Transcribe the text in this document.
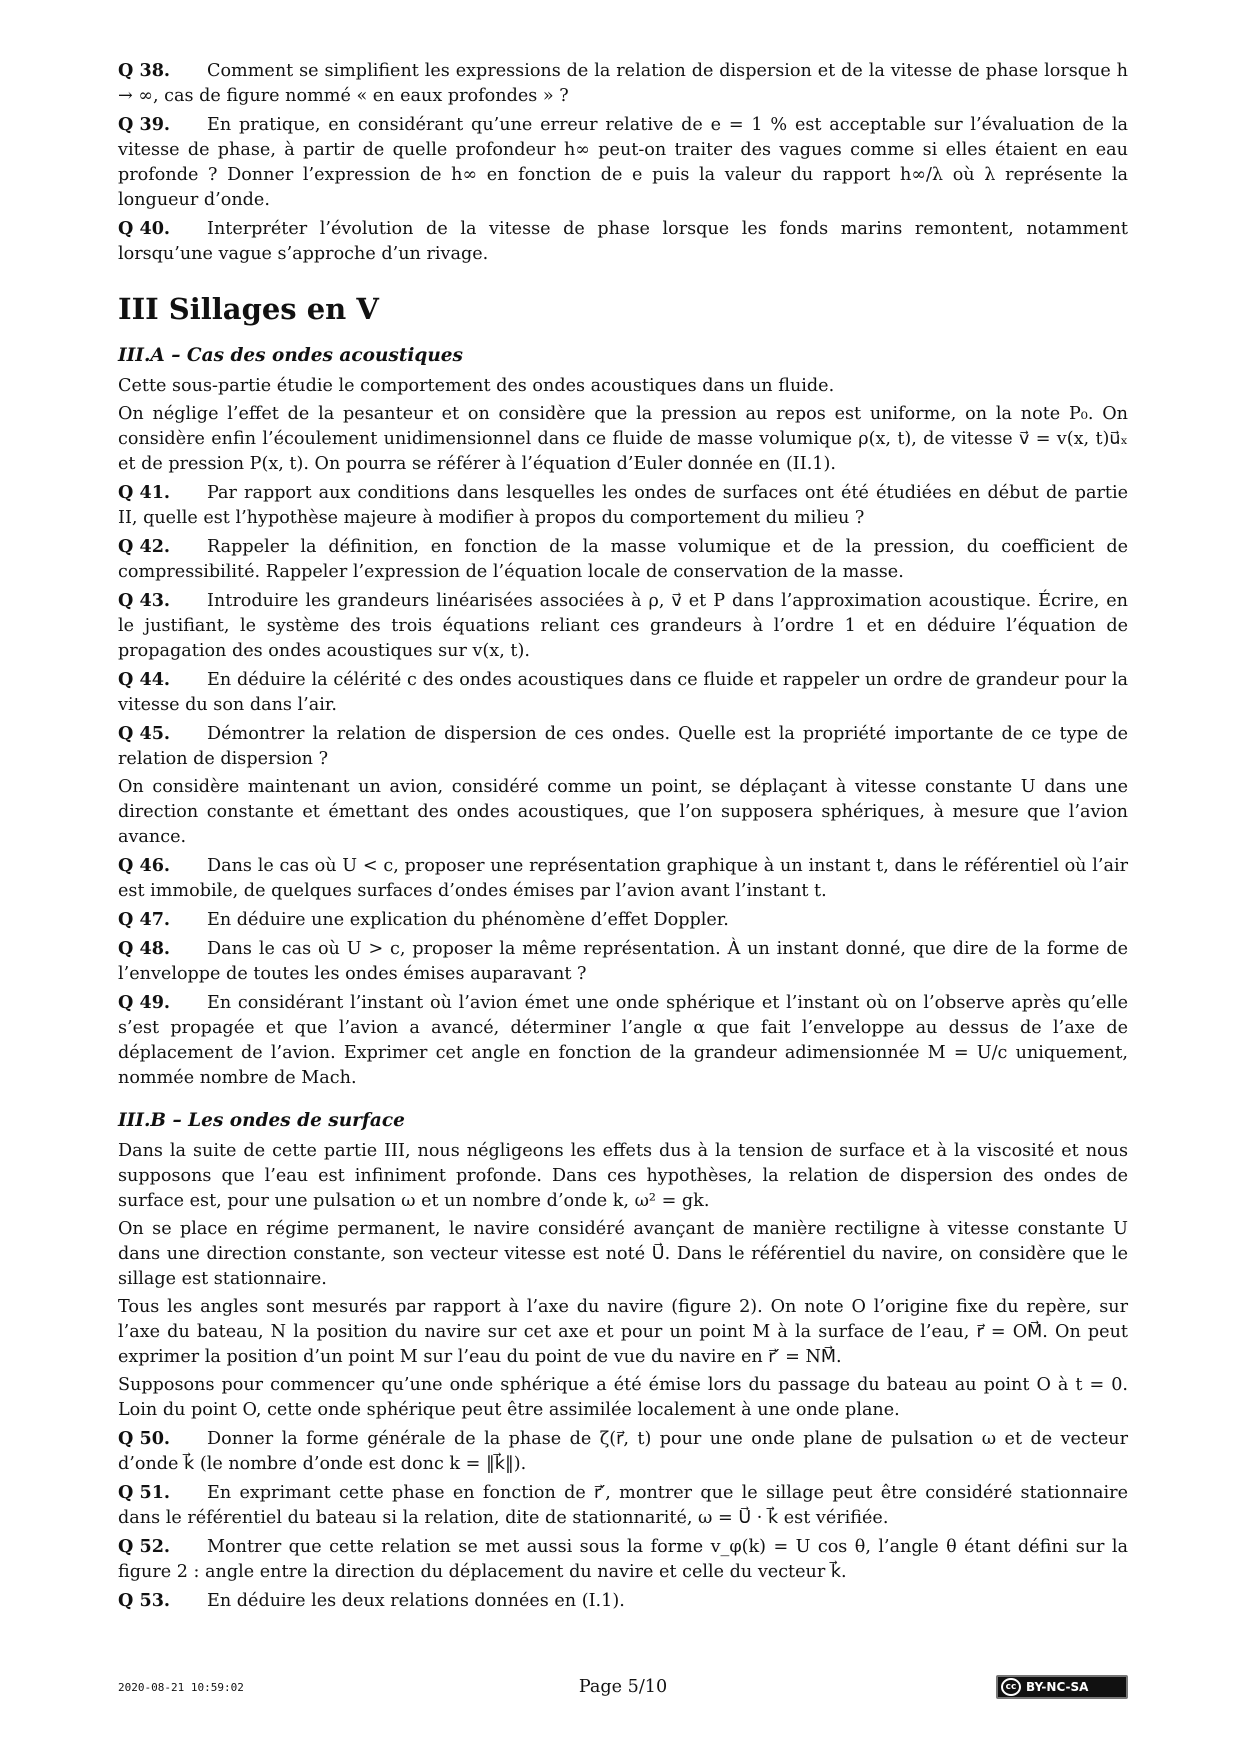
Q 38. Comment se simplifient les expressions de la relation de dispersion et de la vitesse de phase lorsque h → ∞, cas de figure nommé « en eaux profondes » ?

Q 39. En pratique, en considérant qu’une erreur relative de e = 1 % est acceptable sur l’évaluation de la vitesse de phase, à partir de quelle profondeur h∞ peut-on traiter des vagues comme si elles étaient en eau profonde ? Donner l’expression de h∞ en fonction de e puis la valeur du rapport h∞/λ où λ représente la longueur d’onde.

Q 40. Interpréter l’évolution de la vitesse de phase lorsque les fonds marins remontent, notamment lorsqu’une vague s’approche d’un rivage.

III Sillages en V
III.A – Cas des ondes acoustiques

Cette sous-partie étudie le comportement des ondes acoustiques dans un fluide.

On néglige l’effet de la pesanteur et on considère que la pression au repos est uniforme, on la note P₀. On considère enfin l’écoulement unidimensionnel dans ce fluide de masse volumique ρ(x, t), de vitesse v⃗ = v(x, t)u⃗ₓ et de pression P(x, t). On pourra se référer à l’équation d’Euler donnée en (II.1).

Q 41. Par rapport aux conditions dans lesquelles les ondes de surfaces ont été étudiées en début de partie II, quelle est l’hypothèse majeure à modifier à propos du comportement du milieu ?

Q 42. Rappeler la définition, en fonction de la masse volumique et de la pression, du coefficient de compressibilité. Rappeler l’expression de l’équation locale de conservation de la masse.

Q 43. Introduire les grandeurs linéarisées associées à ρ, v⃗ et P dans l’approximation acoustique. Écrire, en le justifiant, le système des trois équations reliant ces grandeurs à l’ordre 1 et en déduire l’équation de propagation des ondes acoustiques sur v(x, t).

Q 44. En déduire la célérité c des ondes acoustiques dans ce fluide et rappeler un ordre de grandeur pour la vitesse du son dans l’air.

Q 45. Démontrer la relation de dispersion de ces ondes. Quelle est la propriété importante de ce type de relation de dispersion ?

On considère maintenant un avion, considéré comme un point, se déplaçant à vitesse constante U dans une direction constante et émettant des ondes acoustiques, que l’on supposera sphériques, à mesure que l’avion avance.

Q 46. Dans le cas où U < c, proposer une représentation graphique à un instant t, dans le référentiel où l’air est immobile, de quelques surfaces d’ondes émises par l’avion avant l’instant t.

Q 47. En déduire une explication du phénomène d’effet Doppler.

Q 48. Dans le cas où U > c, proposer la même représentation. À un instant donné, que dire de la forme de l’enveloppe de toutes les ondes émises auparavant ?

Q 49. En considérant l’instant où l’avion émet une onde sphérique et l’instant où on l’observe après qu’elle s’est propagée et que l’avion a avancé, déterminer l’angle α que fait l’enveloppe au dessus de l’axe de déplacement de l’avion. Exprimer cet angle en fonction de la grandeur adimensionnée M = U/c uniquement, nommée nombre de Mach.

III.B – Les ondes de surface

Dans la suite de cette partie III, nous négligeons les effets dus à la tension de surface et à la viscosité et nous supposons que l’eau est infiniment profonde. Dans ces hypothèses, la relation de dispersion des ondes de surface est, pour une pulsation ω et un nombre d’onde k, ω² = gk.

On se place en régime permanent, le navire considéré avançant de manière rectiligne à vitesse constante U dans une direction constante, son vecteur vitesse est noté U⃗. Dans le référentiel du navire, on considère que le sillage est stationnaire.

Tous les angles sont mesurés par rapport à l’axe du navire (figure 2). On note O l’origine fixe du repère, sur l’axe du bateau, N la position du navire sur cet axe et pour un point M à la surface de l’eau, r⃗ = OM⃗. On peut exprimer la position d’un point M sur l’eau du point de vue du navire en r⃗′ = NM⃗.

Supposons pour commencer qu’une onde sphérique a été émise lors du passage du bateau au point O à t = 0. Loin du point O, cette onde sphérique peut être assimilée localement à une onde plane.

Q 50. Donner la forme générale de la phase de ζ(r⃗, t) pour une onde plane de pulsation ω et de vecteur d’onde k⃗ (le nombre d’onde est donc k = ‖k⃗‖).

Q 51. En exprimant cette phase en fonction de r⃗′, montrer que le sillage peut être considéré stationnaire dans le référentiel du bateau si la relation, dite de stationnarité, ω = U⃗ · k⃗ est vérifiée.

Q 52. Montrer que cette relation se met aussi sous la forme v_φ(k) = U cos θ, l’angle θ étant défini sur la figure 2 : angle entre la direction du déplacement du navire et celle du vecteur k⃗.

Q 53. En déduire les deux relations données en (I.1).

2020-08-21 10:59:02	Page 5/10	cc BY-NC-SA
